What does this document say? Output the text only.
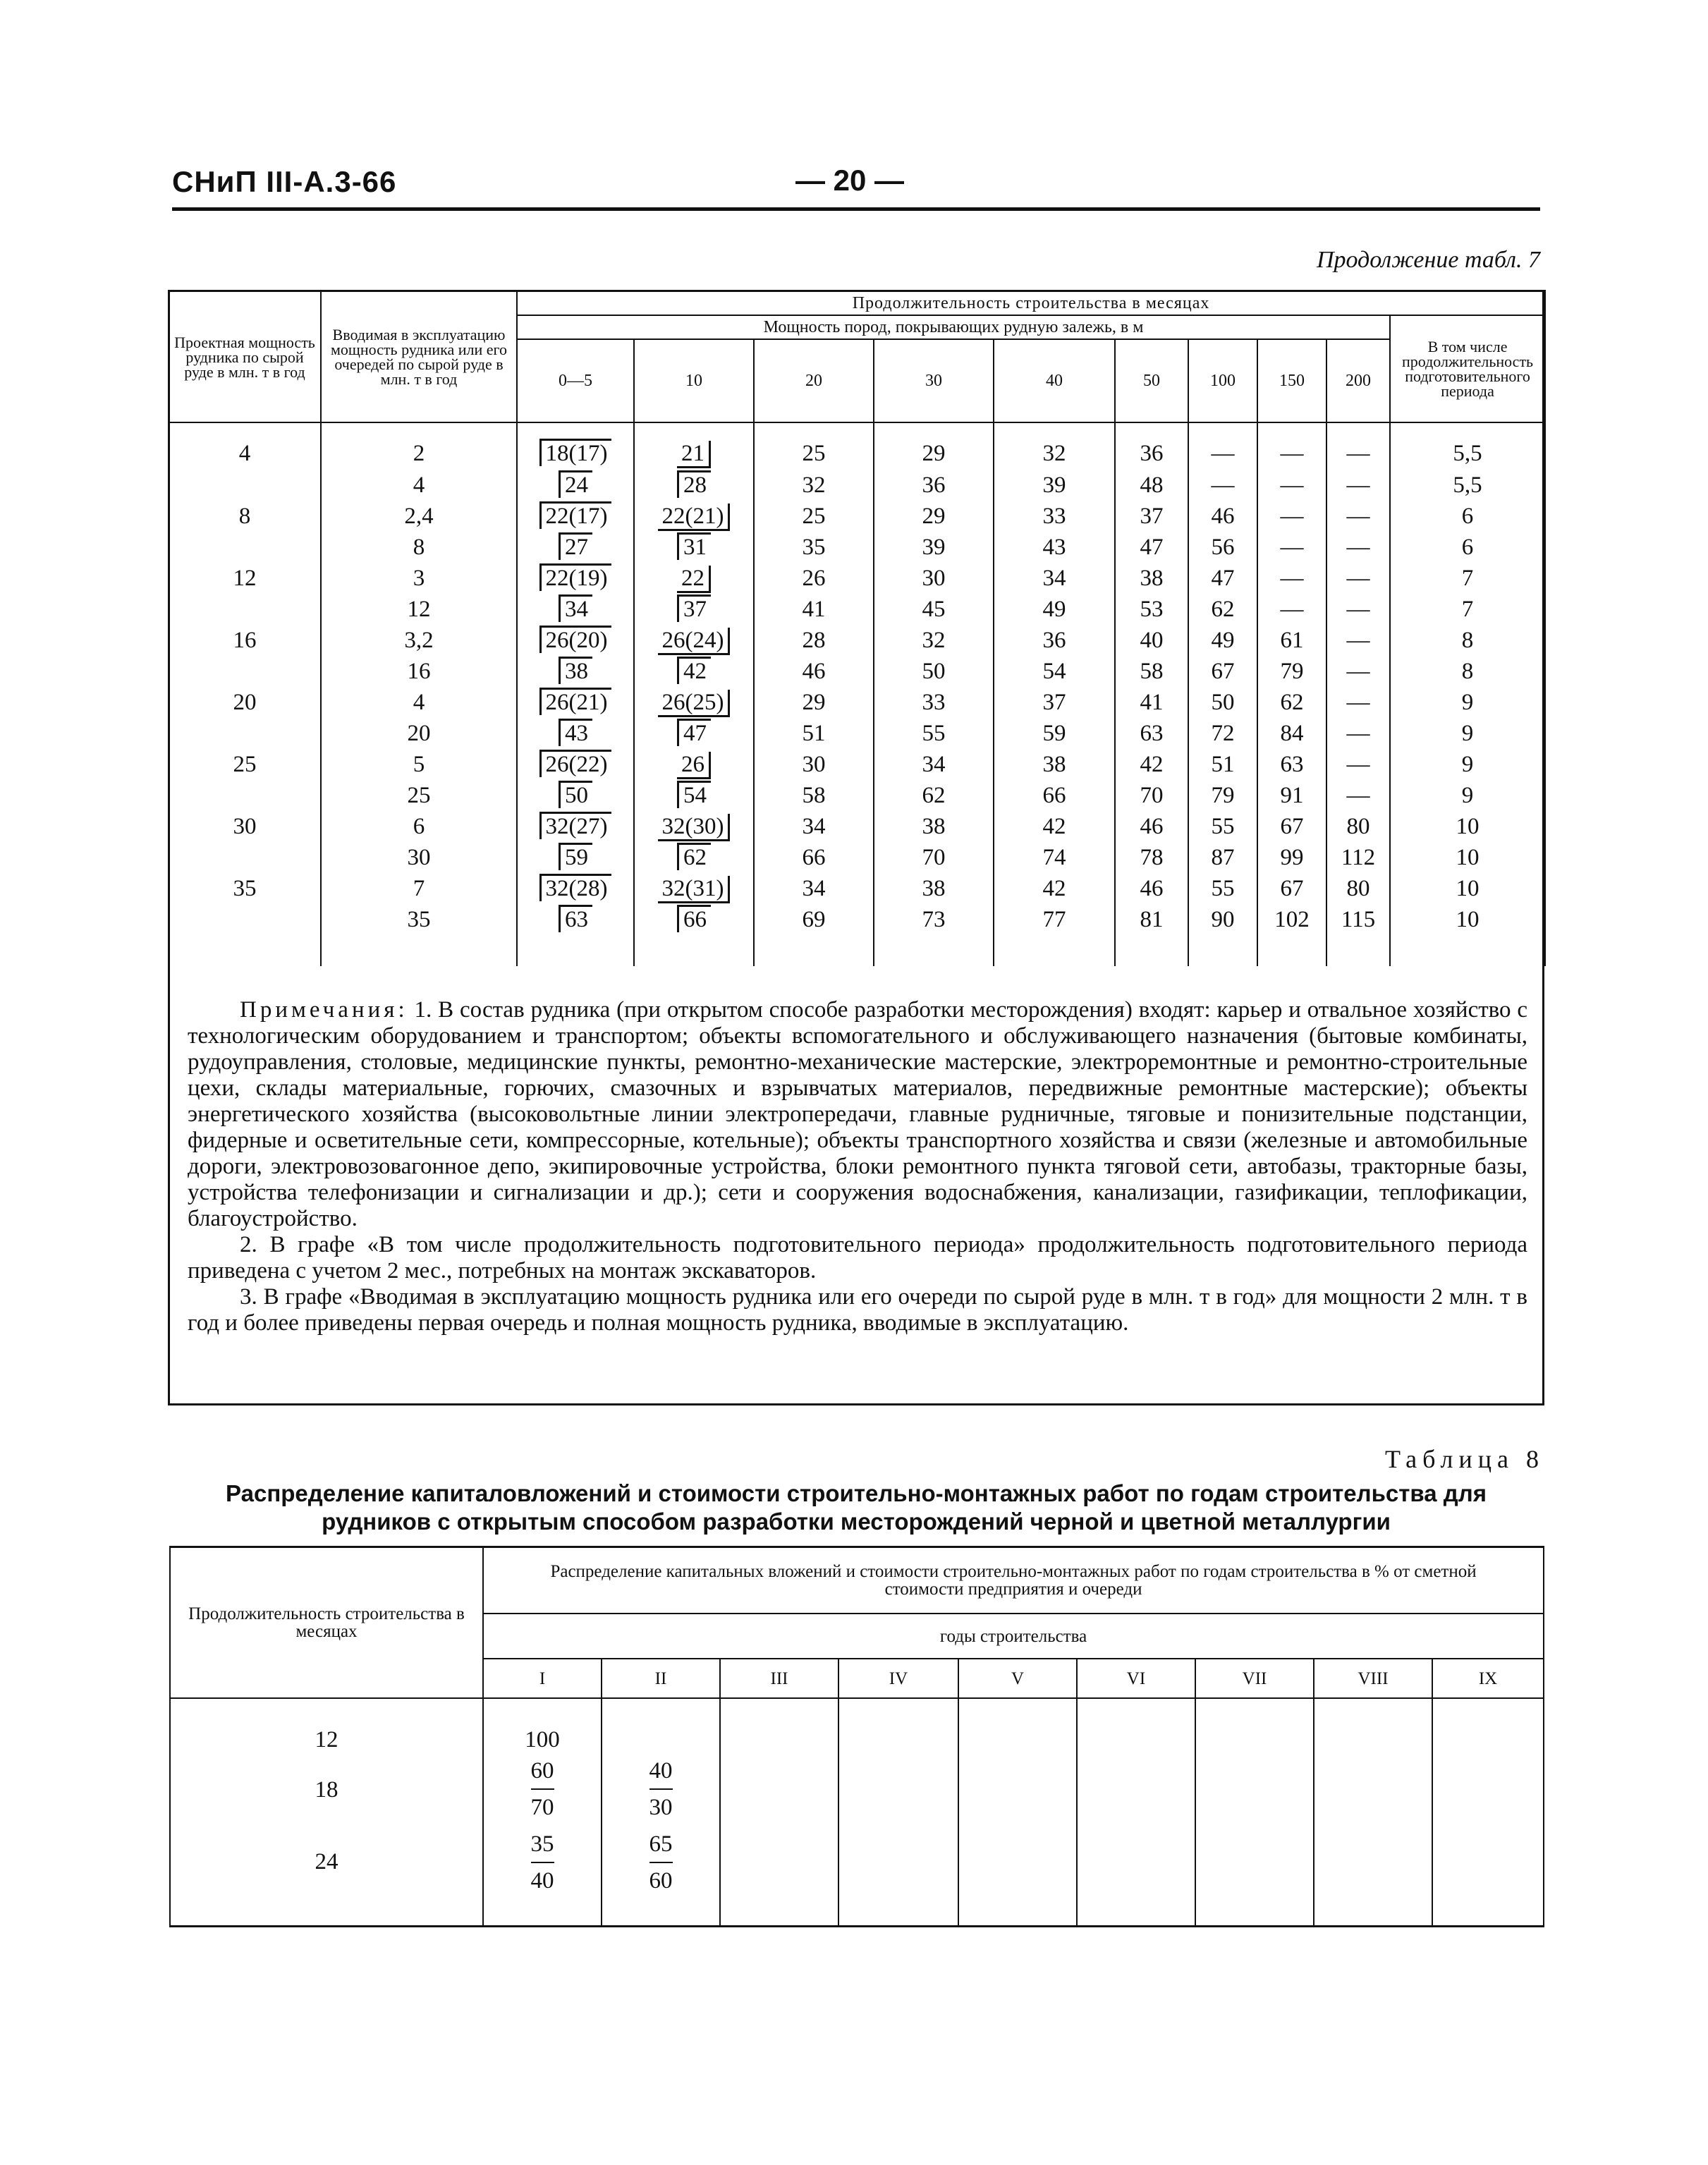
СНиП III-А.3-66	— 20 —
Продолжение табл. 7
Проектная мощность рудника по сырой руде в млн. т в год	Вводимая в эксплуатацию мощность рудника или его очередей по сырой руде в млн. т в год	Продолжительность строительства в месяцах									
		Мощность пород, покрывающих рудную залежь, в м									В том числе продолжительность подготовительного периода
		0—5	10	20	30	40	50	100	150	200	
4	2	18(17)	21	25	29	32	36	—	—	—	5,5
	4	24	28	32	36	39	48	—	—	—	5,5
8	2,4	22(17)	22(21)	25	29	33	37	46	—	—	6
	8	27	31	35	39	43	47	56	—	—	6
12	3	22(19)	22	26	30	34	38	47	—	—	7
	12	34	37	41	45	49	53	62	—	—	7
16	3,2	26(20)	26(24)	28	32	36	40	49	61	—	8
	16	38	42	46	50	54	58	67	79	—	8
20	4	26(21)	26(25)	29	33	37	41	50	62	—	9
	20	43	47	51	55	59	63	72	84	—	9
25	5	26(22)	26	30	34	38	42	51	63	—	9
	25	50	54	58	62	66	70	79	91	—	9
30	6	32(27)	32(30)	34	38	42	46	55	67	80	10
	30	59	62	66	70	74	78	87	99	112	10
35	7	32(28)	32(31)	34	38	42	46	55	67	80	10
	35	63	66	69	73	77	81	90	102	115	10

Примечания: 1. В состав рудника (при открытом способе разработки месторождения) входят: карьер и отвальное хозяйство с технологическим оборудованием и транспортом; объекты вспомогательного и обслуживающего назначения (бытовые комбинаты, рудоуправления, столовые, медицинские пункты, ремонтно-механические мастерские, электроремонтные и ремонтно-строительные цехи, склады материальные, горючих, смазочных и взрывчатых материалов, передвижные ремонтные мастерские); объекты энергетического хозяйства (высоковольтные линии электропередачи, главные рудничные, тяговые и понизительные подстанции, фидерные и осветительные сети, компрессорные, котельные); объекты транспортного хозяйства и связи (железные и автомобильные дороги, электровозовагонное депо, экипировочные устройства, блоки ремонтного пункта тяговой сети, автобазы, тракторные базы, устройства телефонизации и сигнализации и др.); сети и сооружения водоснабжения, канализации, газификации, теплофикации, благоустройство.

2. В графе «В том числе продолжительность подготовительного периода» продолжительность подготовительного периода приведена с учетом 2 мес., потребных на монтаж экскаваторов.

3. В графе «Вводимая в эксплуатацию мощность рудника или его очереди по сырой руде в млн. т в год» для мощности 2 млн. т в год и более приведены первая очередь и полная мощность рудника, вводимые в эксплуатацию.

Таблица 8
Распределение капиталовложений и стоимости строительно-монтажных работ по годам строительства для рудников с открытым способом разработки месторождений черной и цветной металлургии
Продолжительность строительства в месяцах	Распределение капитальных вложений и стоимости строительно-монтажных работ по годам строительства в % от сметной стоимости предприятия и очереди								
	годы строительства								
	I	II	III	IV	V	VI	VII	VIII	IX
12	100								
18	$\frac{60}{70}$	$\frac{40}{30}$

24	$\frac{35}{40}$	$\frac{65}{60}$
